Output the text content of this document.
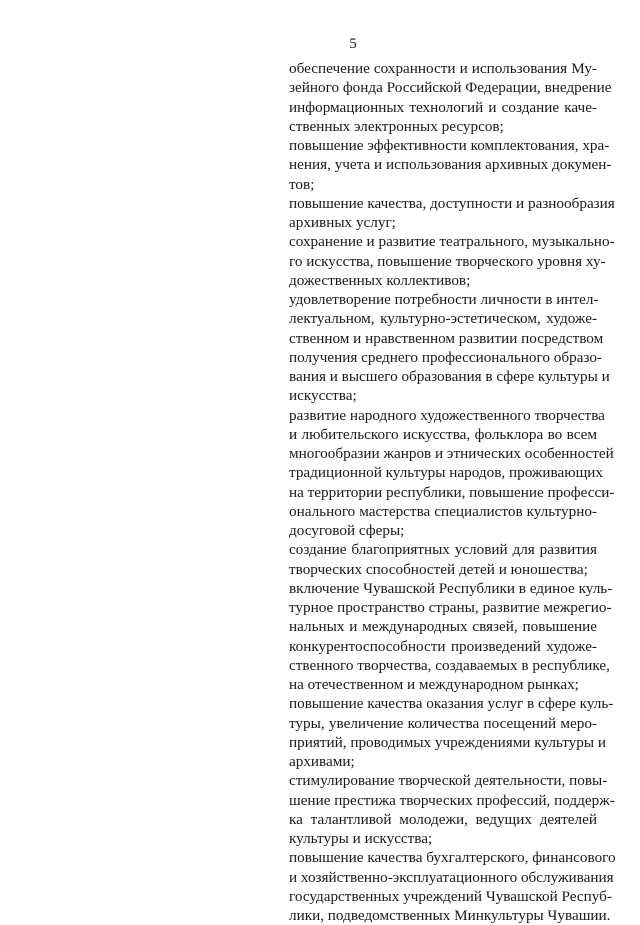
5
обеспечение сохранности и использования Му-
зейного фонда Российской Федерации, внедрение
информационных технологий и создание каче-
ственных электронных ресурсов;
повышение эффективности комплектования, хра-
нения, учета и использования архивных докумен-
тов;
повышение качества, доступности и разнообразия
архивных услуг;
сохранение и развитие театрального, музыкально-
го искусства, повышение творческого уровня ху-
дожественных коллективов;
удовлетворение потребности личности в интел-
лектуальном, культурно-эстетическом, художе-
ственном и нравственном развитии посредством
получения среднего профессионального образо-
вания и высшего образования в сфере культуры и
искусства;
развитие народного художественного творчества
и любительского искусства, фольклора во всем
многообразии жанров и этнических особенностей
традиционной культуры народов, проживающих
на территории республики, повышение професси-
онального мастерства специалистов культурно-
досуговой сферы;
создание благоприятных условий для развития
творческих способностей детей и юношества;
включение Чувашской Республики в единое куль-
турное пространство страны, развитие межрегио-
нальных и международных связей, повышение
конкурентоспособности произведений художе-
ственного творчества, создаваемых в республике,
на отечественном и международном рынках;
повышение качества оказания услуг в сфере куль-
туры, увеличение количества посещений меро-
приятий, проводимых учреждениями культуры и
архивами;
стимулирование творческой деятельности, повы-
шение престижа творческих профессий, поддерж-
ка талантливой молодежи, ведущих деятелей
культуры и искусства;
повышение качества бухгалтерского, финансового
и хозяйственно-эксплуатационного обслуживания
государственных учреждений Чувашской Респуб-
лики, подведомственных Минкультуры Чувашии.
